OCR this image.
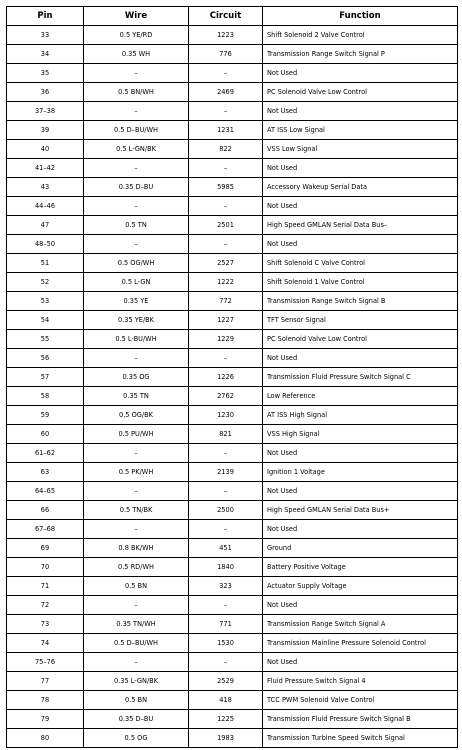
Pin	Wire	Circuit	Function
33	0.5 YE/RD	1223	Shift Solenoid 2 Valve Control
34	0.35 WH	776	Transmission Range Switch Signal P
35	–	–	Not Used
36	0.5 BN/WH	2469	PC Solenoid Valve Low Control
37–38	–	–	Not Used
39	0.5 D–BU/WH	1231	AT ISS Low Signal
40	0.5 L-GN/BK	822	VSS Low Signal
41–42	–	–	Not Used
43	0.35 D–BU	5985	Accessory Wakeup Serial Data
44–46	–	–	Not Used
47	0.5 TN	2501	High Speed GMLAN Serial Data Bus–
48–50	–	–	Not Used
51	0.5 OG/WH	2527	Shift Solenoid C Valve Control
52	0.5 L-GN	1222	Shift Solenoid 1 Valve Control
53	0.35 YE	772	Transmission Range Switch Signal B
54	0.35 YE/BK	1227	TFT Sensor Signal
55	0.5 L-BU/WH	1229	PC Solenoid Valve Low Control
56	–	–	Not Used
57	0.35 OG	1226	Transmission Fluid Pressure Switch Signal C
58	0.35 TN	2762	Low Reference
59	0.5 OG/BK	1230	AT ISS High Signal
60	0.5 PU/WH	821	VSS High Signal
61–62	–	–	Not Used
63	0.5 PK/WH	2139	Ignition 1 Voltage
64–65	–	–	Not Used
66	0.5 TN/BK	2500	High Speed GMLAN Serial Data Bus+
67–68	–	–	Not Used
69	0.8 BK/WH	451	Ground
70	0.5 RD/WH	1840	Battery Positive Voltage
71	0.5 BN	323	Actuator Supply Voltage
72	–	–	Not Used
73	0.35 TN/WH	771	Transmission Range Switch Signal A
74	0.5 D–BU/WH	1530	Transmission Mainline Pressure Solenoid Control
75–76	–	–	Not Used
77	0.35 L-GN/BK	2529	Fluid Pressure Switch Signal 4
78	0.5 BN	418	TCC PWM Solenoid Valve Control
79	0.35 D–BU	1225	Transmission Fluid Pressure Switch Signal B
80	0.5 OG	1983	Transmission Turbine Speed Switch Signal
